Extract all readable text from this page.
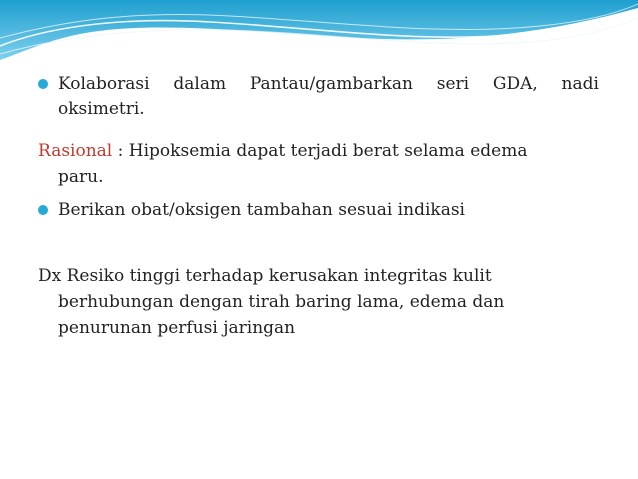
Kolaborasi dalam Pantau/gambarkan seri GDA, nadi
oksimetri.
Rasional : Hipoksemia dapat terjadi berat selama edema
paru.
Berikan obat/oksigen tambahan sesuai indikasi
Dx Resiko tinggi terhadap kerusakan integritas kulit
berhubungan dengan tirah baring lama, edema dan
penurunan perfusi jaringan
